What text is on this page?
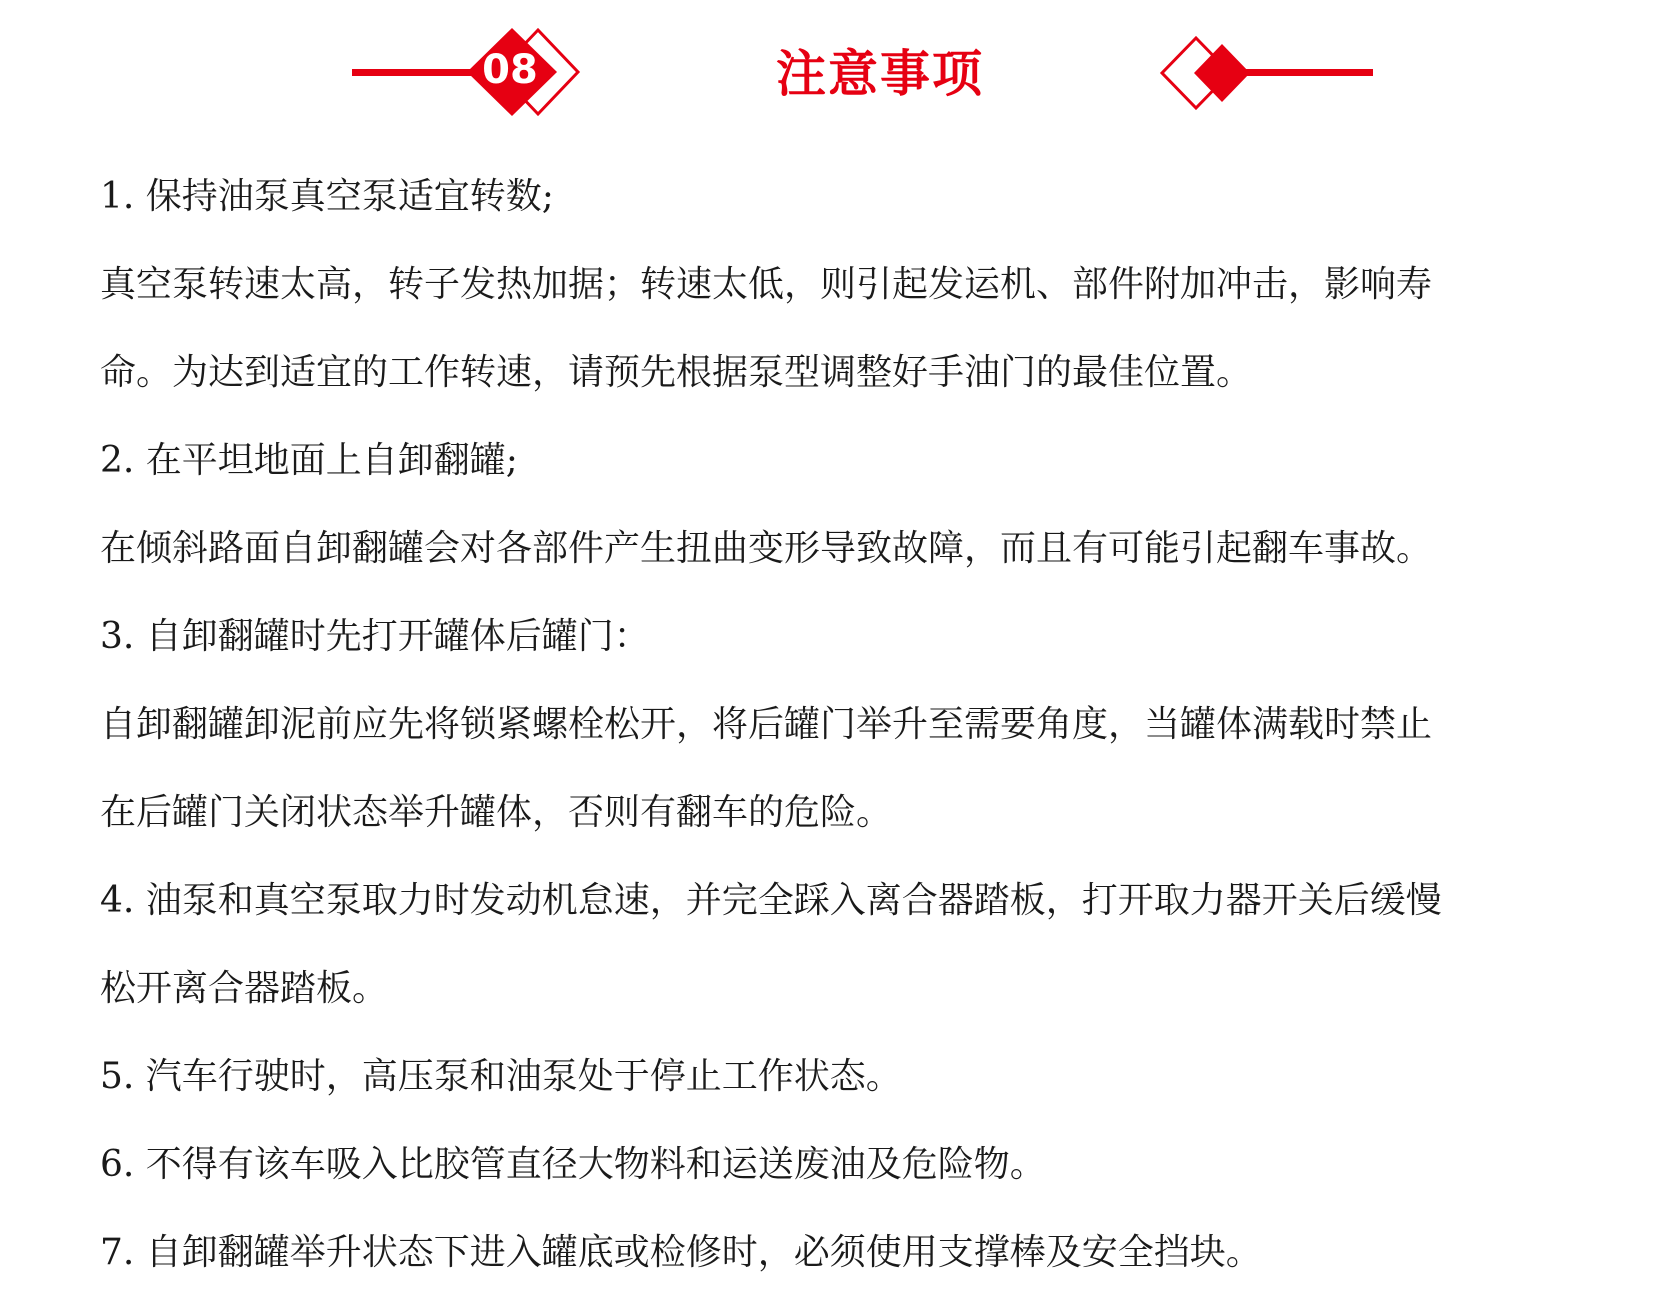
08	注意事项
1. 保持油泵真空泵适宜转数;
真空泵转速太高，转子发热加据；转速太低，则引起发运机、部件附加冲击，影响寿
命。为达到适宜的工作转速，请预先根据泵型调整好手油门的最佳位置。
2. 在平坦地面上自卸翻罐;
在倾斜路面自卸翻罐会对各部件产生扭曲变形导致故障，而且有可能引起翻车事故。
3. 自卸翻罐时先打开罐体后罐门：
自卸翻罐卸泥前应先将锁紧螺栓松开，将后罐门举升至需要角度，当罐体满载时禁止
在后罐门关闭状态举升罐体，否则有翻车的危险。
4. 油泵和真空泵取力时发动机怠速，并完全踩入离合器踏板，打开取力器开关后缓慢
松开离合器踏板。
5. 汽车行驶时，高压泵和油泵处于停止工作状态。
6. 不得有该车吸入比胶管直径大物料和运送废油及危险物。
7. 自卸翻罐举升状态下进入罐底或检修时，必须使用支撑棒及安全挡块。
